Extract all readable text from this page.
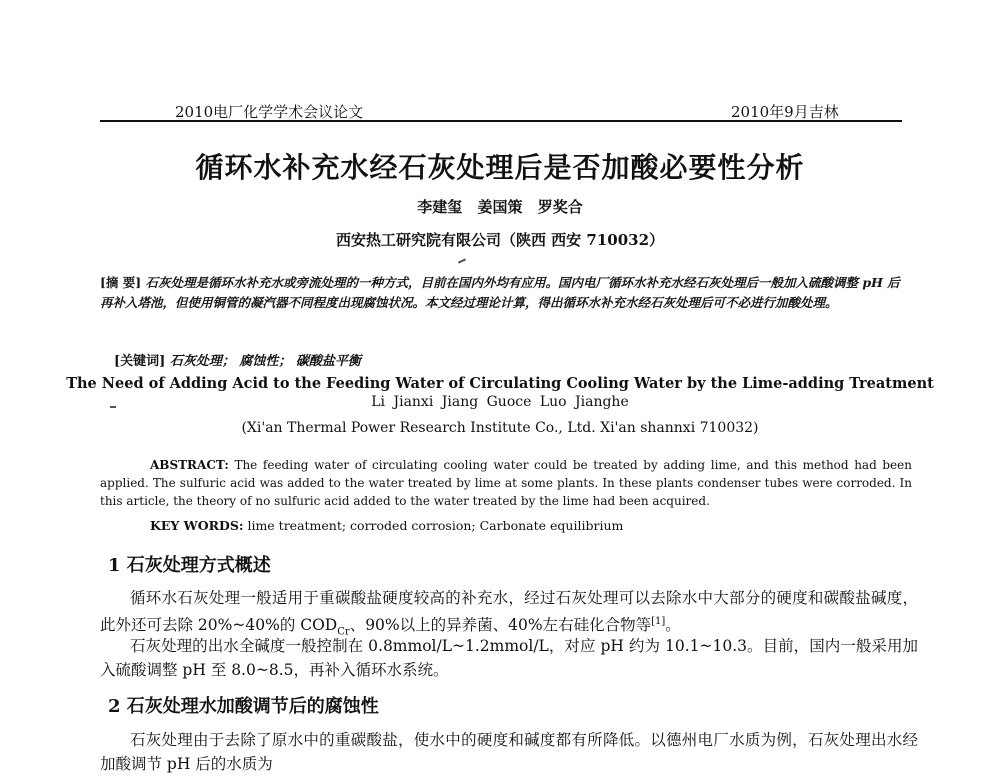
2010电厂化学学术会议论文	2010年9月吉林
循环水补充水经石灰处理后是否加酸必要性分析
李建玺 姜国策 罗奖合
西安热工研究院有限公司（陕西 西安 710032）
[摘 要] 石灰处理是循环水补充水或旁流处理的一种方式，目前在国内外均有应用。国内电厂循环水补充水经石灰处理后一般加入硫酸调整 pH 后再补入塔池，但使用铜管的凝汽器不同程度出现腐蚀状况。本文经过理论计算，得出循环水补充水经石灰处理后可不必进行加酸处理。
[关键词] 石灰处理； 腐蚀性； 碳酸盐平衡
The Need of Adding Acid to the Feeding Water of Circulating Cooling Water by the Lime-adding Treatment
Li Jianxi Jiang Guoce Luo Jianghe
(Xi'an Thermal Power Research Institute Co., Ltd. Xi'an shannxi 710032)
ABSTRACT: The feeding water of circulating cooling water could be treated by adding lime, and this method had been applied. The sulfuric acid was added to the water treated by lime at some plants. In these plants condenser tubes were corroded. In this article, the theory of no sulfuric acid added to the water treated by the lime had been acquired.
KEY WORDS: lime treatment; corroded corrosion; Carbonate equilibrium
1 石灰处理方式概述
循环水石灰处理一般适用于重碳酸盐硬度较高的补充水，经过石灰处理可以去除水中大部分的硬度和碳酸盐碱度，此外还可去除 20%~40%的 $COD_{Cr}$、90%以上的异养菌、40%左右硅化合物等[1]。
石灰处理的出水全碱度一般控制在 0.8mmol/L~1.2mmol/L，对应 pH 约为 10.1~10.3。目前，国内一般采用加入硫酸调整 pH 至 8.0~8.5，再补入循环水系统。
2 石灰处理水加酸调节后的腐蚀性
石灰处理由于去除了原水中的重碳酸盐，使水中的硬度和碱度都有所降低。以德州电厂水质为例，石灰处理出水经加酸调节 pH 后的水质为
